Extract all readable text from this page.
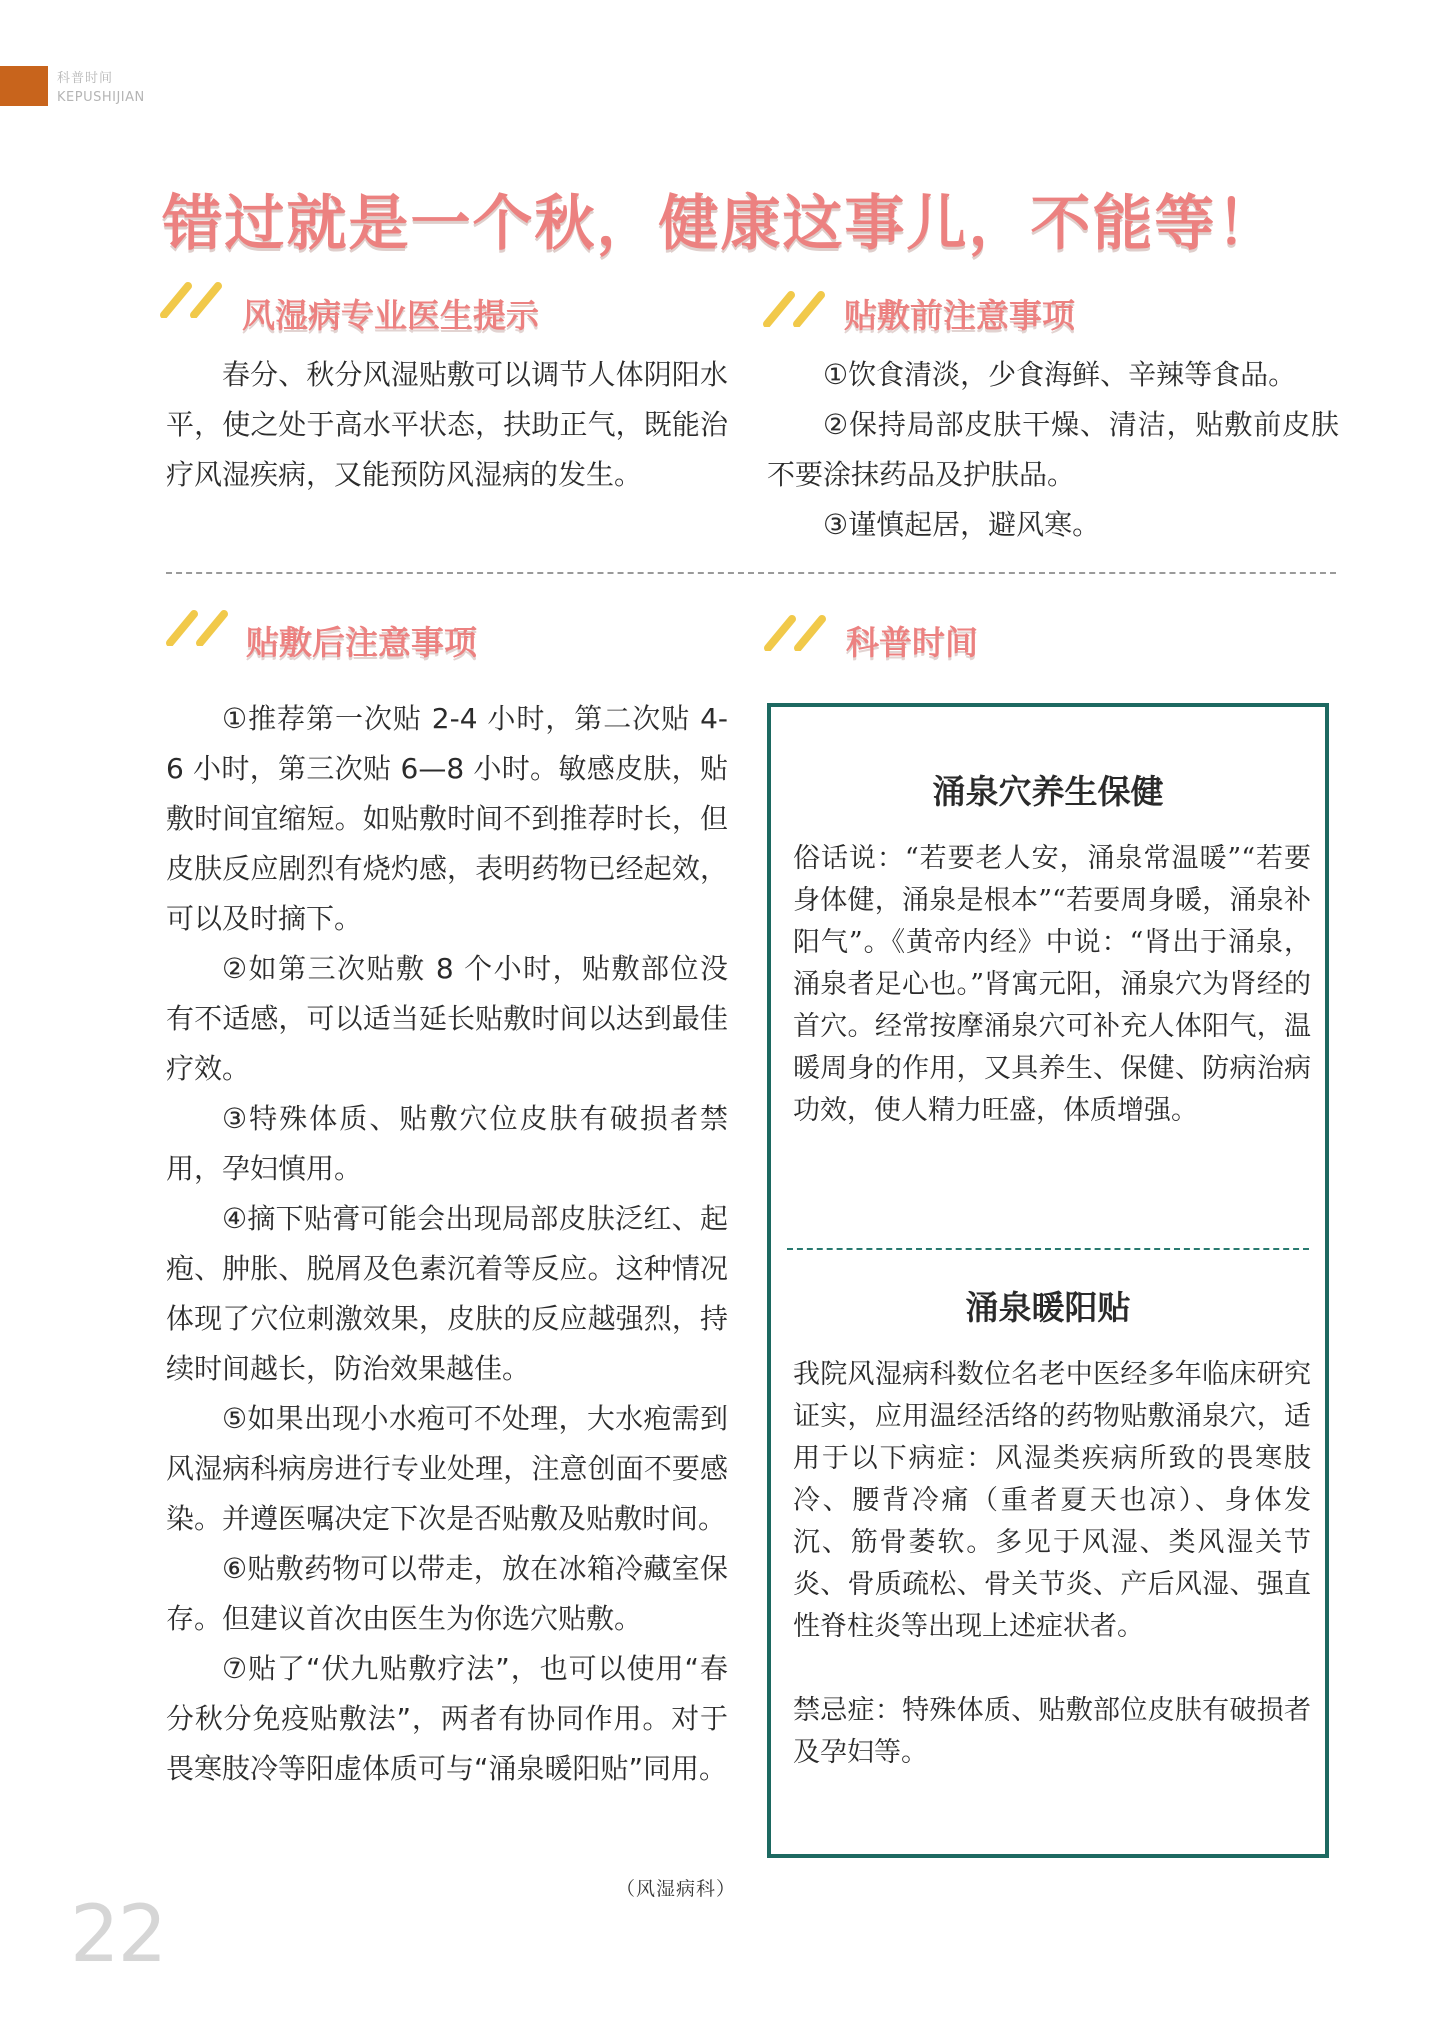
科普时间
KEPUSHIJIAN
错过就是一个秋，健康这事儿，不能等！
风湿病专业医生提示

春分、秋分风湿贴敷可以调节人体阴阳水平，使之处于高水平状态，扶助正气，既能治疗风湿疾病，又能预防风湿病的发生。

贴敷前注意事项

①饮食清淡，少食海鲜、辛辣等食品。

②保持局部皮肤干燥、清洁，贴敷前皮肤不要涂抹药品及护肤品。

③谨慎起居，避风寒。

贴敷后注意事项

①推荐第一次贴 2-4 小时，第二次贴 4-6 小时，第三次贴 6—8 小时。敏感皮肤，贴敷时间宜缩短。如贴敷时间不到推荐时长，但皮肤反应剧烈有烧灼感，表明药物已经起效，可以及时摘下。

②如第三次贴敷 8 个小时，贴敷部位没有不适感，可以适当延长贴敷时间以达到最佳疗效。

③特殊体质、贴敷穴位皮肤有破损者禁用，孕妇慎用。

④摘下贴膏可能会出现局部皮肤泛红、起疱、肿胀、脱屑及色素沉着等反应。这种情况体现了穴位刺激效果，皮肤的反应越强烈，持续时间越长，防治效果越佳。

⑤如果出现小水疱可不处理，大水疱需到风湿病科病房进行专业处理，注意创面不要感染。并遵医嘱决定下次是否贴敷及贴敷时间。

⑥贴敷药物可以带走，放在冰箱冷藏室保存。但建议首次由医生为你选穴贴敷。

⑦贴了“伏九贴敷疗法”，也可以使用“春分秋分免疫贴敷法”，两者有协同作用。对于畏寒肢冷等阳虚体质可与“涌泉暖阳贴”同用。

（风湿病科）
科普时间
涌泉穴养生保健

俗话说：“若要老人安，涌泉常温暖”“若要身体健，涌泉是根本”“若要周身暖，涌泉补阳气”。《黄帝内经》中说：“肾出于涌泉，涌泉者足心也。”肾寓元阳，涌泉穴为肾经的首穴。经常按摩涌泉穴可补充人体阳气，温暖周身的作用，又具养生、保健、防病治病功效，使人精力旺盛，体质增强。

涌泉暖阳贴

我院风湿病科数位名老中医经多年临床研究证实，应用温经活络的药物贴敷涌泉穴，适用于以下病症：风湿类疾病所致的畏寒肢冷、腰背冷痛（重者夏天也凉）、身体发沉、筋骨萎软。多见于风湿、类风湿关节炎、骨质疏松、骨关节炎、产后风湿、强直性脊柱炎等出现上述症状者。

禁忌症：特殊体质、贴敷部位皮肤有破损者及孕妇等。

22
